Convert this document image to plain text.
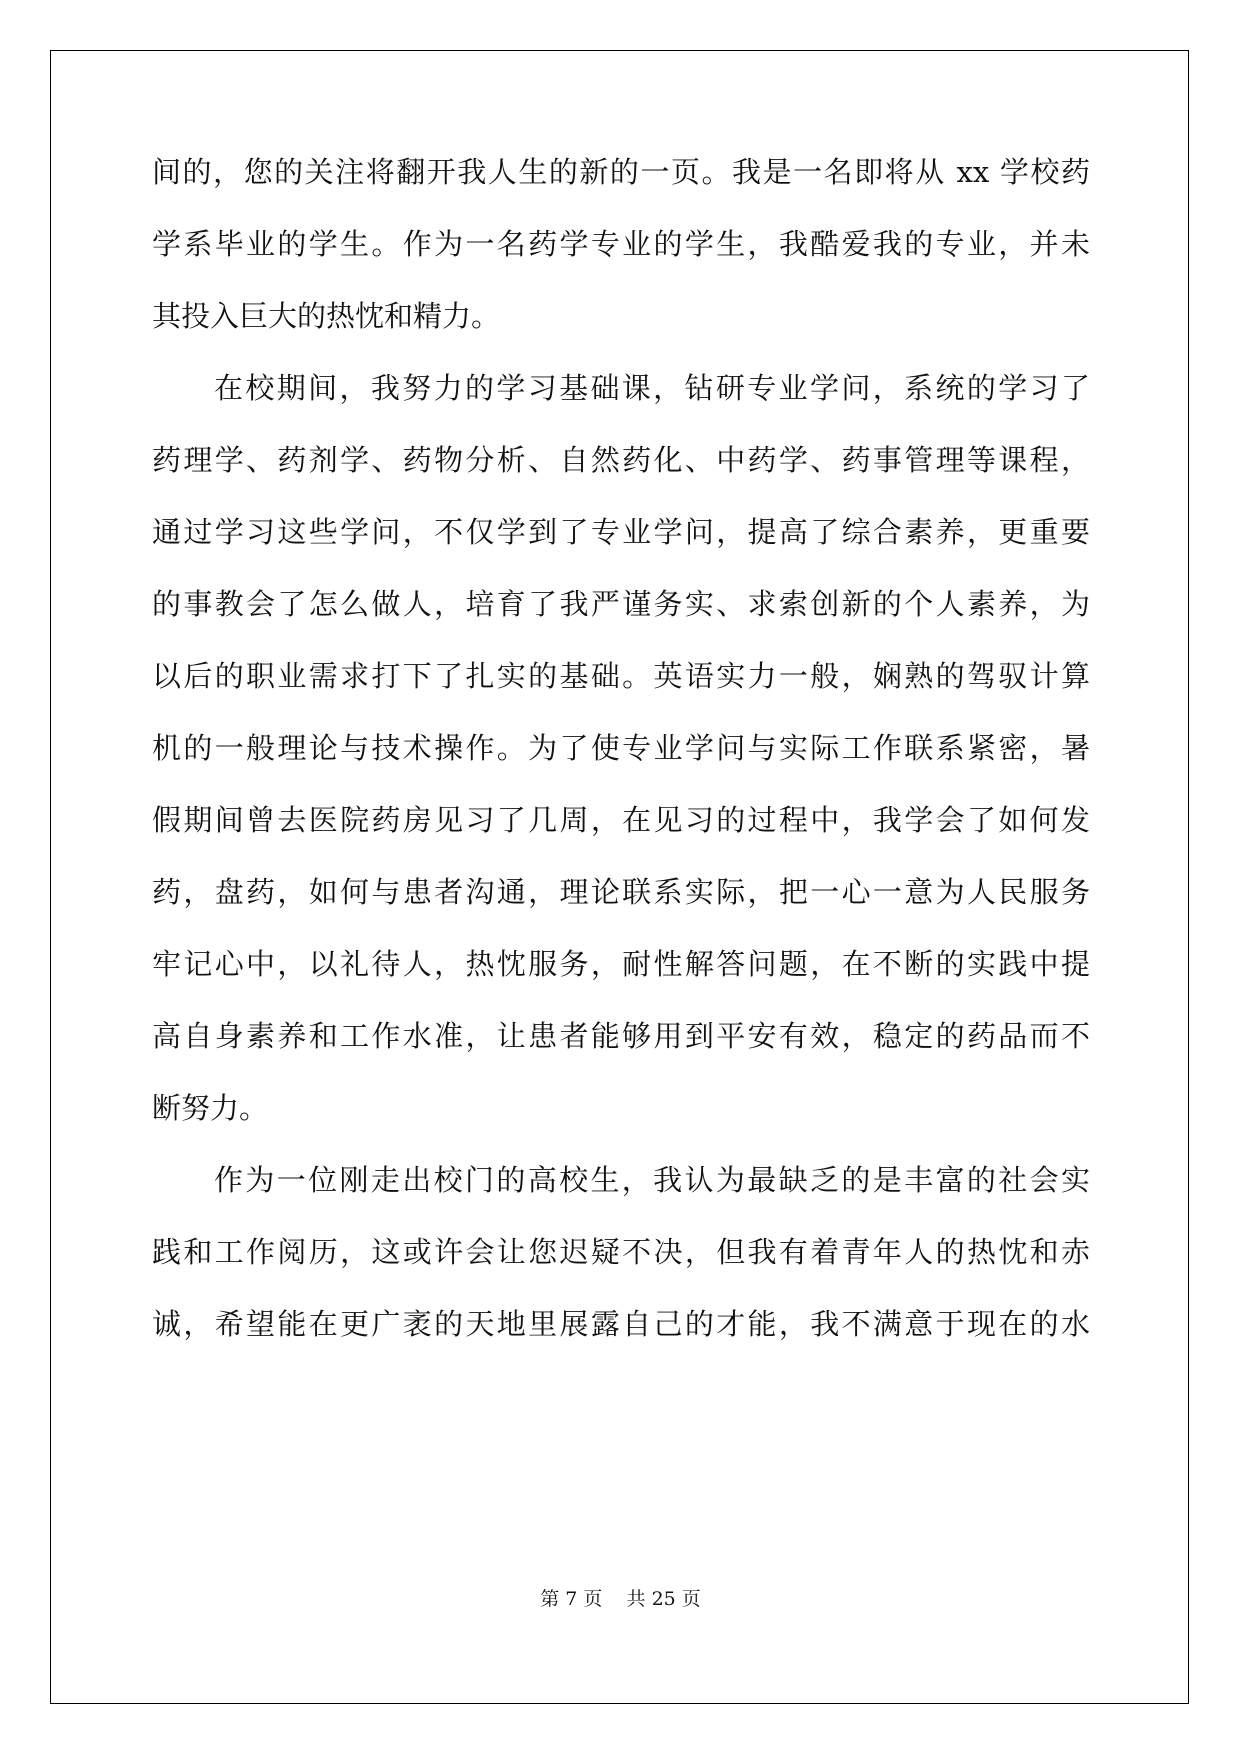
间的，您的关注将翻开我人生的新的一页。我是一名即将从 xx 学校药
学系毕业的学生。作为一名药学专业的学生，我酷爱我的专业，并未
其投入巨大的热忱和精力。
在校期间，我努力的学习基础课，钻研专业学问，系统的学习了
药理学、药剂学、药物分析、自然药化、中药学、药事管理等课程，
通过学习这些学问，不仅学到了专业学问，提高了综合素养，更重要
的事教会了怎么做人，培育了我严谨务实、求索创新的个人素养，为
以后的职业需求打下了扎实的基础。英语实力一般，娴熟的驾驭计算
机的一般理论与技术操作。为了使专业学问与实际工作联系紧密，暑
假期间曾去医院药房见习了几周，在见习的过程中，我学会了如何发
药，盘药，如何与患者沟通，理论联系实际，把一心一意为人民服务
牢记心中，以礼待人，热忱服务，耐性解答问题，在不断的实践中提
高自身素养和工作水准，让患者能够用到平安有效，稳定的药品而不
断努力。
作为一位刚走出校门的高校生，我认为最缺乏的是丰富的社会实
践和工作阅历，这或许会让您迟疑不决，但我有着青年人的热忱和赤
诚，希望能在更广袤的天地里展露自己的才能，我不满意于现在的水
第 7 页    共 25 页
